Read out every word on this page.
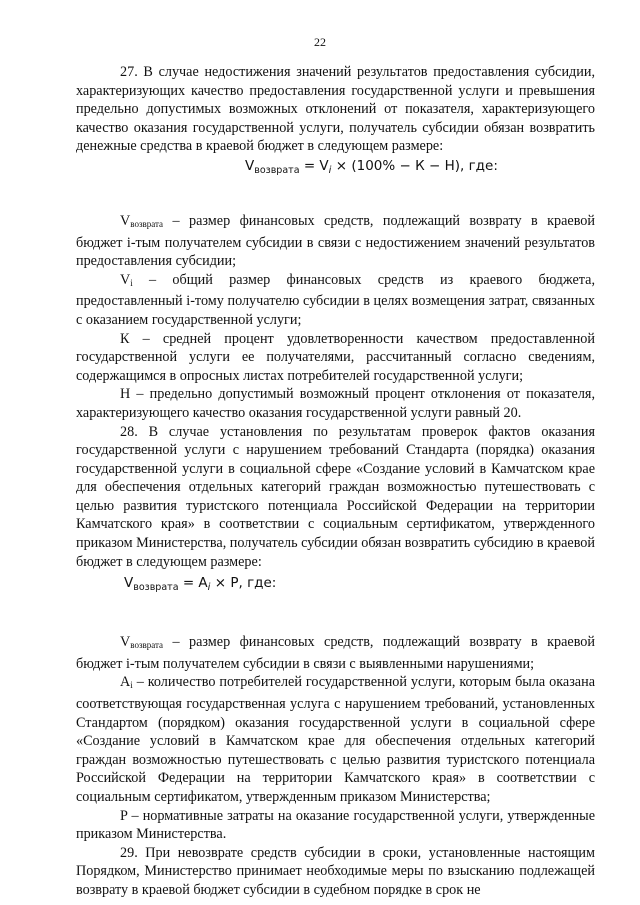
22

27. В случае недостижения значений результатов предоставления субсидии, характеризующих качество предоставления государственной услуги и превышения предельно допустимых возможных отклонений от показателя, характеризующего качество оказания государственной услуги, получатель субсидии обязан возвратить денежные средства в краевой бюджет в следующем размере:

$V_{возврата} = V_i \times (100\% - К - Н)$, где:

Vвозврата – размер финансовых средств, подлежащий возврату в краевой бюджет i-тым получателем субсидии в связи с недостижением значений результатов предоставления субсидии;

Vi – общий размер финансовых средств из краевого бюджета, предоставленный i-тому получателю субсидии в целях возмещения затрат, связанных с оказанием государственной услуги;

К – средней процент удовлетворенности качеством предоставленной государственной услуги ее получателями, рассчитанный согласно сведениям, содержащимся в опросных листах потребителей государственной услуги;

Н – предельно допустимый возможный процент отклонения от показателя, характеризующего качество оказания государственной услуги равный 20.

28. В случае установления по результатам проверок фактов оказания государственной услуги с нарушением требований Стандарта (порядка) оказания государственной услуги в социальной сфере «Создание условий в Камчатском крае для обеспечения отдельных категорий граждан возможностью путешествовать с целью развития туристского потенциала Российской Федерации на территории Камчатского края» в соответствии с социальным сертификатом, утвержденного приказом Министерства, получатель субсидии обязан возвратить субсидию в краевой бюджет в следующем размере:

$V_{возврата} = A_i \times P$, где:

Vвозврата – размер финансовых средств, подлежащий возврату в краевой бюджет i-тым получателем субсидии в связи с выявленными нарушениями;

Ai – количество потребителей государственной услуги, которым была оказана соответствующая государственная услуга с нарушением требований, установленных Стандартом (порядком) оказания государственной услуги в социальной сфере «Создание условий в Камчатском крае для обеспечения отдельных категорий граждан возможностью путешествовать с целью развития туристского потенциала Российской Федерации на территории Камчатского края» в соответствии с социальным сертификатом, утвержденным приказом Министерства;

P – нормативные затраты на оказание государственной услуги, утвержденные приказом Министерства.

29. При невозврате средств субсидии в сроки, установленные настоящим Порядком, Министерство принимает необходимые меры по взысканию подлежащей возврату в краевой бюджет субсидии в судебном порядке в срок не
